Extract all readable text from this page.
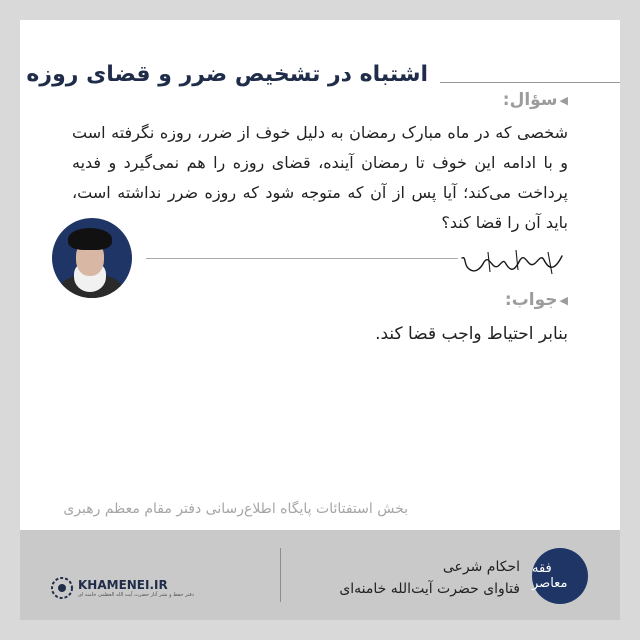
اشتباه در تشخیص ضرر و قضای روزه
◀سؤال:
شخصی که در ماه مبارک رمضان به دلیل خوف از ضرر، روزه نگرفته است و با ادامه این خوف تا رمضان آینده، قضای روزه را هم نمی‌گیرد و فدیه پرداخت می‌کند؛ آیا پس از آن که متوجه شود که روزه ضرر نداشته است، باید آن را قضا کند؟
◀جواب:
بنابر احتیاط واجب قضا کند.
بخش استفتائات پایگاه اطلاع‌رسانی دفتر مقام معظم رهبری
فقه معاصر
احکام شرعی
فتاوای حضرت آیت‌الله خامنه‌ای
KHAMENEI.IR
دفتر حفظ و نشر آثار حضرت آیت الله العظمی خامنه ای
